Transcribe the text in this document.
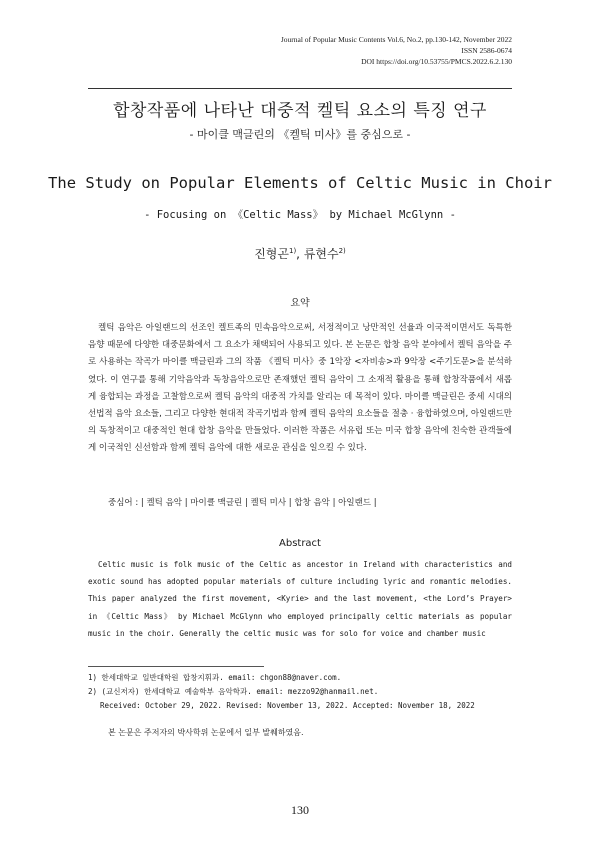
Journal of Popular Music Contents Vol.6, No.2, pp.130-142, November 2022
ISSN 2586-0674
DOI https://doi.org/10.53755/PMCS.2022.6.2.130
합창작품에 나타난 대중적 켈틱 요소의 특징 연구
- 마이클 맥글린의 《켈틱 미사》를 중심으로 -
The Study on Popular Elements of Celtic Music in Choir
- Focusing on 《Celtic Mass》 by Michael McGlynn -
진형곤$^{1)}$, 류현수$^{2)}$
요약

켈틱 음악은 아일랜드의 선조인 켈트족의 민속음악으로써, 서정적이고 낭만적인 선율과 이국적이면서도 독특한 음향 때문에 다양한 대중문화에서 그 요소가 채택되어 사용되고 있다. 본 논문은 합창 음악 분야에서 켈틱 음악을 주로 사용하는 작곡가 마이클 맥글린과 그의 작품 《켈틱 미사》중 1악장 <자비송>과 9악장 <주기도문>을 분석하였다. 이 연구를 통해 기악음악과 독창음악으로만 존재했던 켈틱 음악이 그 소재적 활용을 통해 합창작품에서 새롭게 융합되는 과정을 고찰함으로써 켈틱 음악의 대중적 가치를 알리는 데 목적이 있다. 마이클 맥글린은 중세 시대의 선법적 음악 요소들, 그리고 다양한 현대적 작곡기법과 함께 켈틱 음악의 요소들을 절충 · 융합하였으며, 아일랜드만의 독창적이고 대중적인 현대 합창 음악을 만들었다. 이러한 작품은 서유럽 또는 미국 합창 음악에 친숙한 관객들에게 이국적인 신선함과 함께 켈틱 음악에 대한 새로운 관심을 일으킬 수 있다.

중심어 : | 켈틱 음악 | 마이클 맥글린 | 켈틱 미사 | 합창 음악 | 아일랜드 |
Abstract

Celtic music is folk music of the Celtic as ancestor in Ireland with characteristics and exotic sound has adopted popular materials of culture including lyric and romantic melodies. This paper analyzed the first movement, <Kyrie> and the last movement, <the Lord’s Prayer> in 《Celtic Mass》 by Michael McGlynn who employed principally celtic materials as popular music in the choir. Generally the celtic music was for solo for voice and chamber music

1) 한세대학교 일반대학원 합창지휘과. email: chgon88@naver.com.
2) (교신저자) 한세대학교 예술학부 음악학과. email: mezzo92@hanmail.net.
Received: October 29, 2022. Revised: November 13, 2022. Accepted: November 18, 2022
본 논문은 주저자의 박사학위 논문에서 일부 발췌하였음.
130
